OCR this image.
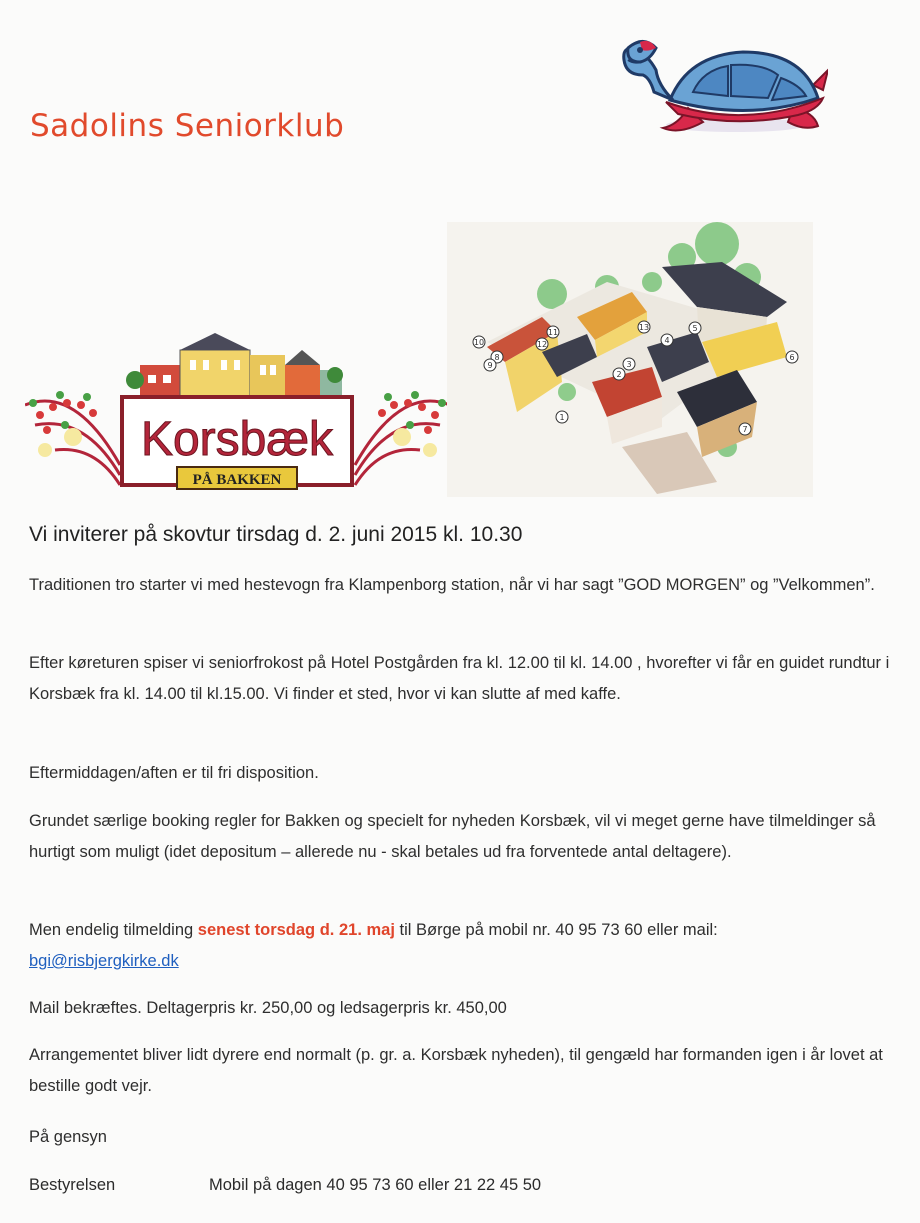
Sadolins Seniorklub
Korsbæk
PÅ BAKKEN
1
2
3
4
5
6
7
8
9
10
11
12
13
Vi inviterer på skovtur tirsdag d. 2. juni 2015 kl. 10.30
Traditionen tro starter vi med hestevogn fra Klampenborg station, når vi har sagt ”GOD MORGEN” og ”Velkommen”.
Efter køreturen spiser vi seniorfrokost på Hotel Postgården fra kl. 12.00 til kl. 14.00 , hvorefter vi får en guidet rundtur i Korsbæk fra kl. 14.00 til kl.15.00. Vi finder et sted, hvor vi kan slutte af med kaffe.
Eftermiddagen/aften er til fri disposition.
Grundet særlige booking regler for Bakken og specielt for nyheden Korsbæk, vil vi meget gerne have tilmeldinger så hurtigt som muligt (idet depositum – allerede nu - skal betales ud fra forventede antal deltagere).
Men endelig tilmelding senest torsdag d. 21. maj til Børge på mobil nr. 40 95 73 60 eller mail:
bgi@risbjergkirke.dk
Mail bekræftes. Deltagerpris kr. 250,00 og ledsagerpris kr. 450,00
Arrangementet bliver lidt dyrere end normalt (p. gr. a. Korsbæk nyheden), til gengæld har formanden igen i år lovet at bestille godt vejr.
På gensyn
Bestyrelsen	Mobil på dagen 40 95 73 60 eller 21 22 45 50
